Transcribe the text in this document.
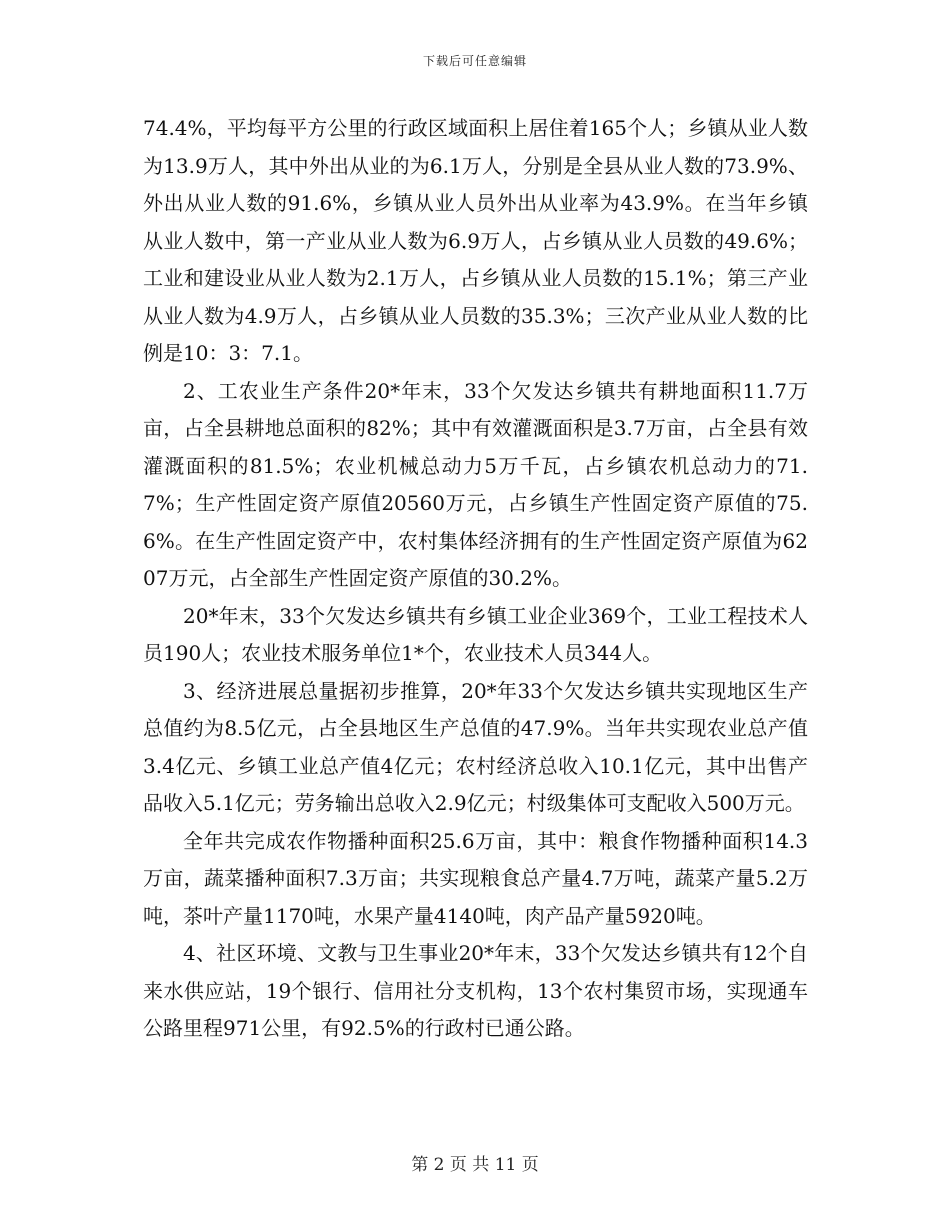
下载后可任意编辑

74.4%，平均每平方公里的行政区域面积上居住着165个人；乡镇从业人数为13.9万人，其中外出从业的为6.1万人，分别是全县从业人数的73.9%、外出从业人数的91.6%，乡镇从业人员外出从业率为43.9%。在当年乡镇从业人数中，第一产业从业人数为6.9万人，占乡镇从业人员数的49.6%；工业和建设业从业人数为2.1万人，占乡镇从业人员数的15.1%；第三产业从业人数为4.9万人，占乡镇从业人员数的35.3%；三次产业从业人数的比例是10：3：7.1。

2、工农业生产条件20*年末，33个欠发达乡镇共有耕地面积11.7万亩，占全县耕地总面积的82%；其中有效灌溉面积是3.7万亩，占全县有效灌溉面积的81.5%；农业机械总动力5万千瓦，占乡镇农机总动力的71.7%；生产性固定资产原值20560万元，占乡镇生产性固定资产原值的75.6%。在生产性固定资产中，农村集体经济拥有的生产性固定资产原值为6207万元，占全部生产性固定资产原值的30.2%。

20*年末，33个欠发达乡镇共有乡镇工业企业369个，工业工程技术人员190人；农业技术服务单位1*个，农业技术人员344人。

3、经济进展总量据初步推算，20*年33个欠发达乡镇共实现地区生产总值约为8.5亿元，占全县地区生产总值的47.9%。当年共实现农业总产值3.4亿元、乡镇工业总产值4亿元；农村经济总收入10.1亿元，其中出售产品收入5.1亿元；劳务输出总收入2.9亿元；村级集体可支配收入500万元。

全年共完成农作物播种面积25.6万亩，其中：粮食作物播种面积14.3万亩，蔬菜播种面积7.3万亩；共实现粮食总产量4.7万吨，蔬菜产量5.2万吨，茶叶产量1170吨，水果产量4140吨，肉产品产量5920吨。

4、社区环境、文教与卫生事业20*年末，33个欠发达乡镇共有12个自来水供应站，19个银行、信用社分支机构，13个农村集贸市场，实现通车公路里程971公里，有92.5%的行政村已通公路。

第 2 页 共 11 页
